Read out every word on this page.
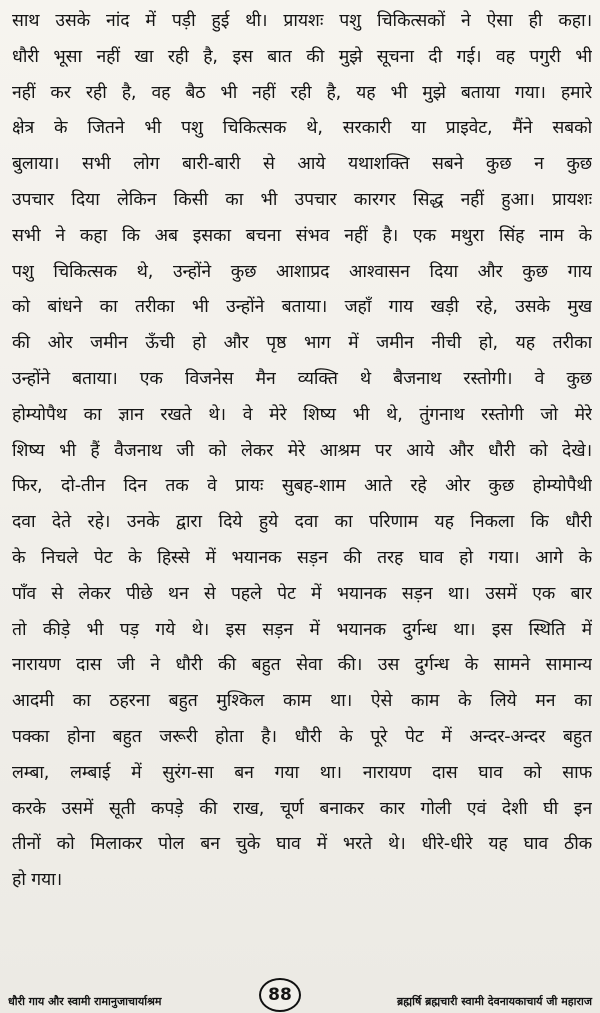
साथ उसके नांद में पड़ी हुई थी। प्रायशः पशु चिकित्सकों ने ऐसा ही कहा।
धौरी भूसा नहीं खा रही है, इस बात की मुझे सूचना दी गई। वह पगुरी भी
नहीं कर रही है, वह बैठ भी नहीं रही है, यह भी मुझे बताया गया। हमारे
क्षेत्र के जितने भी पशु चिकित्सक थे, सरकारी या प्राइवेट, मैंने सबको
बुलाया। सभी लोग बारी-बारी से आये यथाशक्ति सबने कुछ न कुछ
उपचार दिया लेकिन किसी का भी उपचार कारगर सिद्ध नहीं हुआ। प्रायशः
सभी ने कहा कि अब इसका बचना संभव नहीं है। एक मथुरा सिंह नाम के
पशु चिकित्सक थे, उन्होंने कुछ आशाप्रद आश्वासन दिया और कुछ गाय
को बांधने का तरीका भी उन्होंने बताया। जहाँ गाय खड़ी रहे, उसके मुख
की ओर जमीन ऊँची हो और पृष्ठ भाग में जमीन नीची हो, यह तरीका
उन्होंने बताया। एक विजनेस मैन व्यक्ति थे बैजनाथ रस्तोगी। वे कुछ
होम्योपैथ का ज्ञान रखते थे। वे मेरे शिष्य भी थे, तुंगनाथ रस्तोगी जो मेरे
शिष्य भी हैं वैजनाथ जी को लेकर मेरे आश्रम पर आये और धौरी को देखे।
फिर, दो-तीन दिन तक वे प्रायः सुबह-शाम आते रहे ओर कुछ होम्योपैथी
दवा देते रहे। उनके द्वारा दिये हुये दवा का परिणाम यह निकला कि धौरी
के निचले पेट के हिस्से में भयानक सड़न की तरह घाव हो गया। आगे के
पाँव से लेकर पीछे थन से पहले पेट में भयानक सड़न था। उसमें एक बार
तो कीड़े भी पड़ गये थे। इस सड़न में भयानक दुर्गन्ध था। इस स्थिति में
नारायण दास जी ने धौरी की बहुत सेवा की। उस दुर्गन्ध के सामने सामान्य
आदमी का ठहरना बहुत मुश्किल काम था। ऐसे काम के लिये मन का
पक्का होना बहुत जरूरी होता है। धौरी के पूरे पेट में अन्दर-अन्दर बहुत
लम्बा, लम्बाई में सुरंग-सा बन गया था। नारायण दास घाव को साफ
करके उसमें सूती कपड़े की राख, चूर्ण बनाकर कार गोली एवं देशी घी इन
तीनों को मिलाकर पोल बन चुके घाव में भरते थे। धीरे-धीरे यह घाव ठीक
हो गया।
धौरी गाय और स्वामी रामानुजाचार्याश्रम	ब्रह्मर्षि ब्रह्मचारी स्वामी देवनायकाचार्य जी महाराज
88
